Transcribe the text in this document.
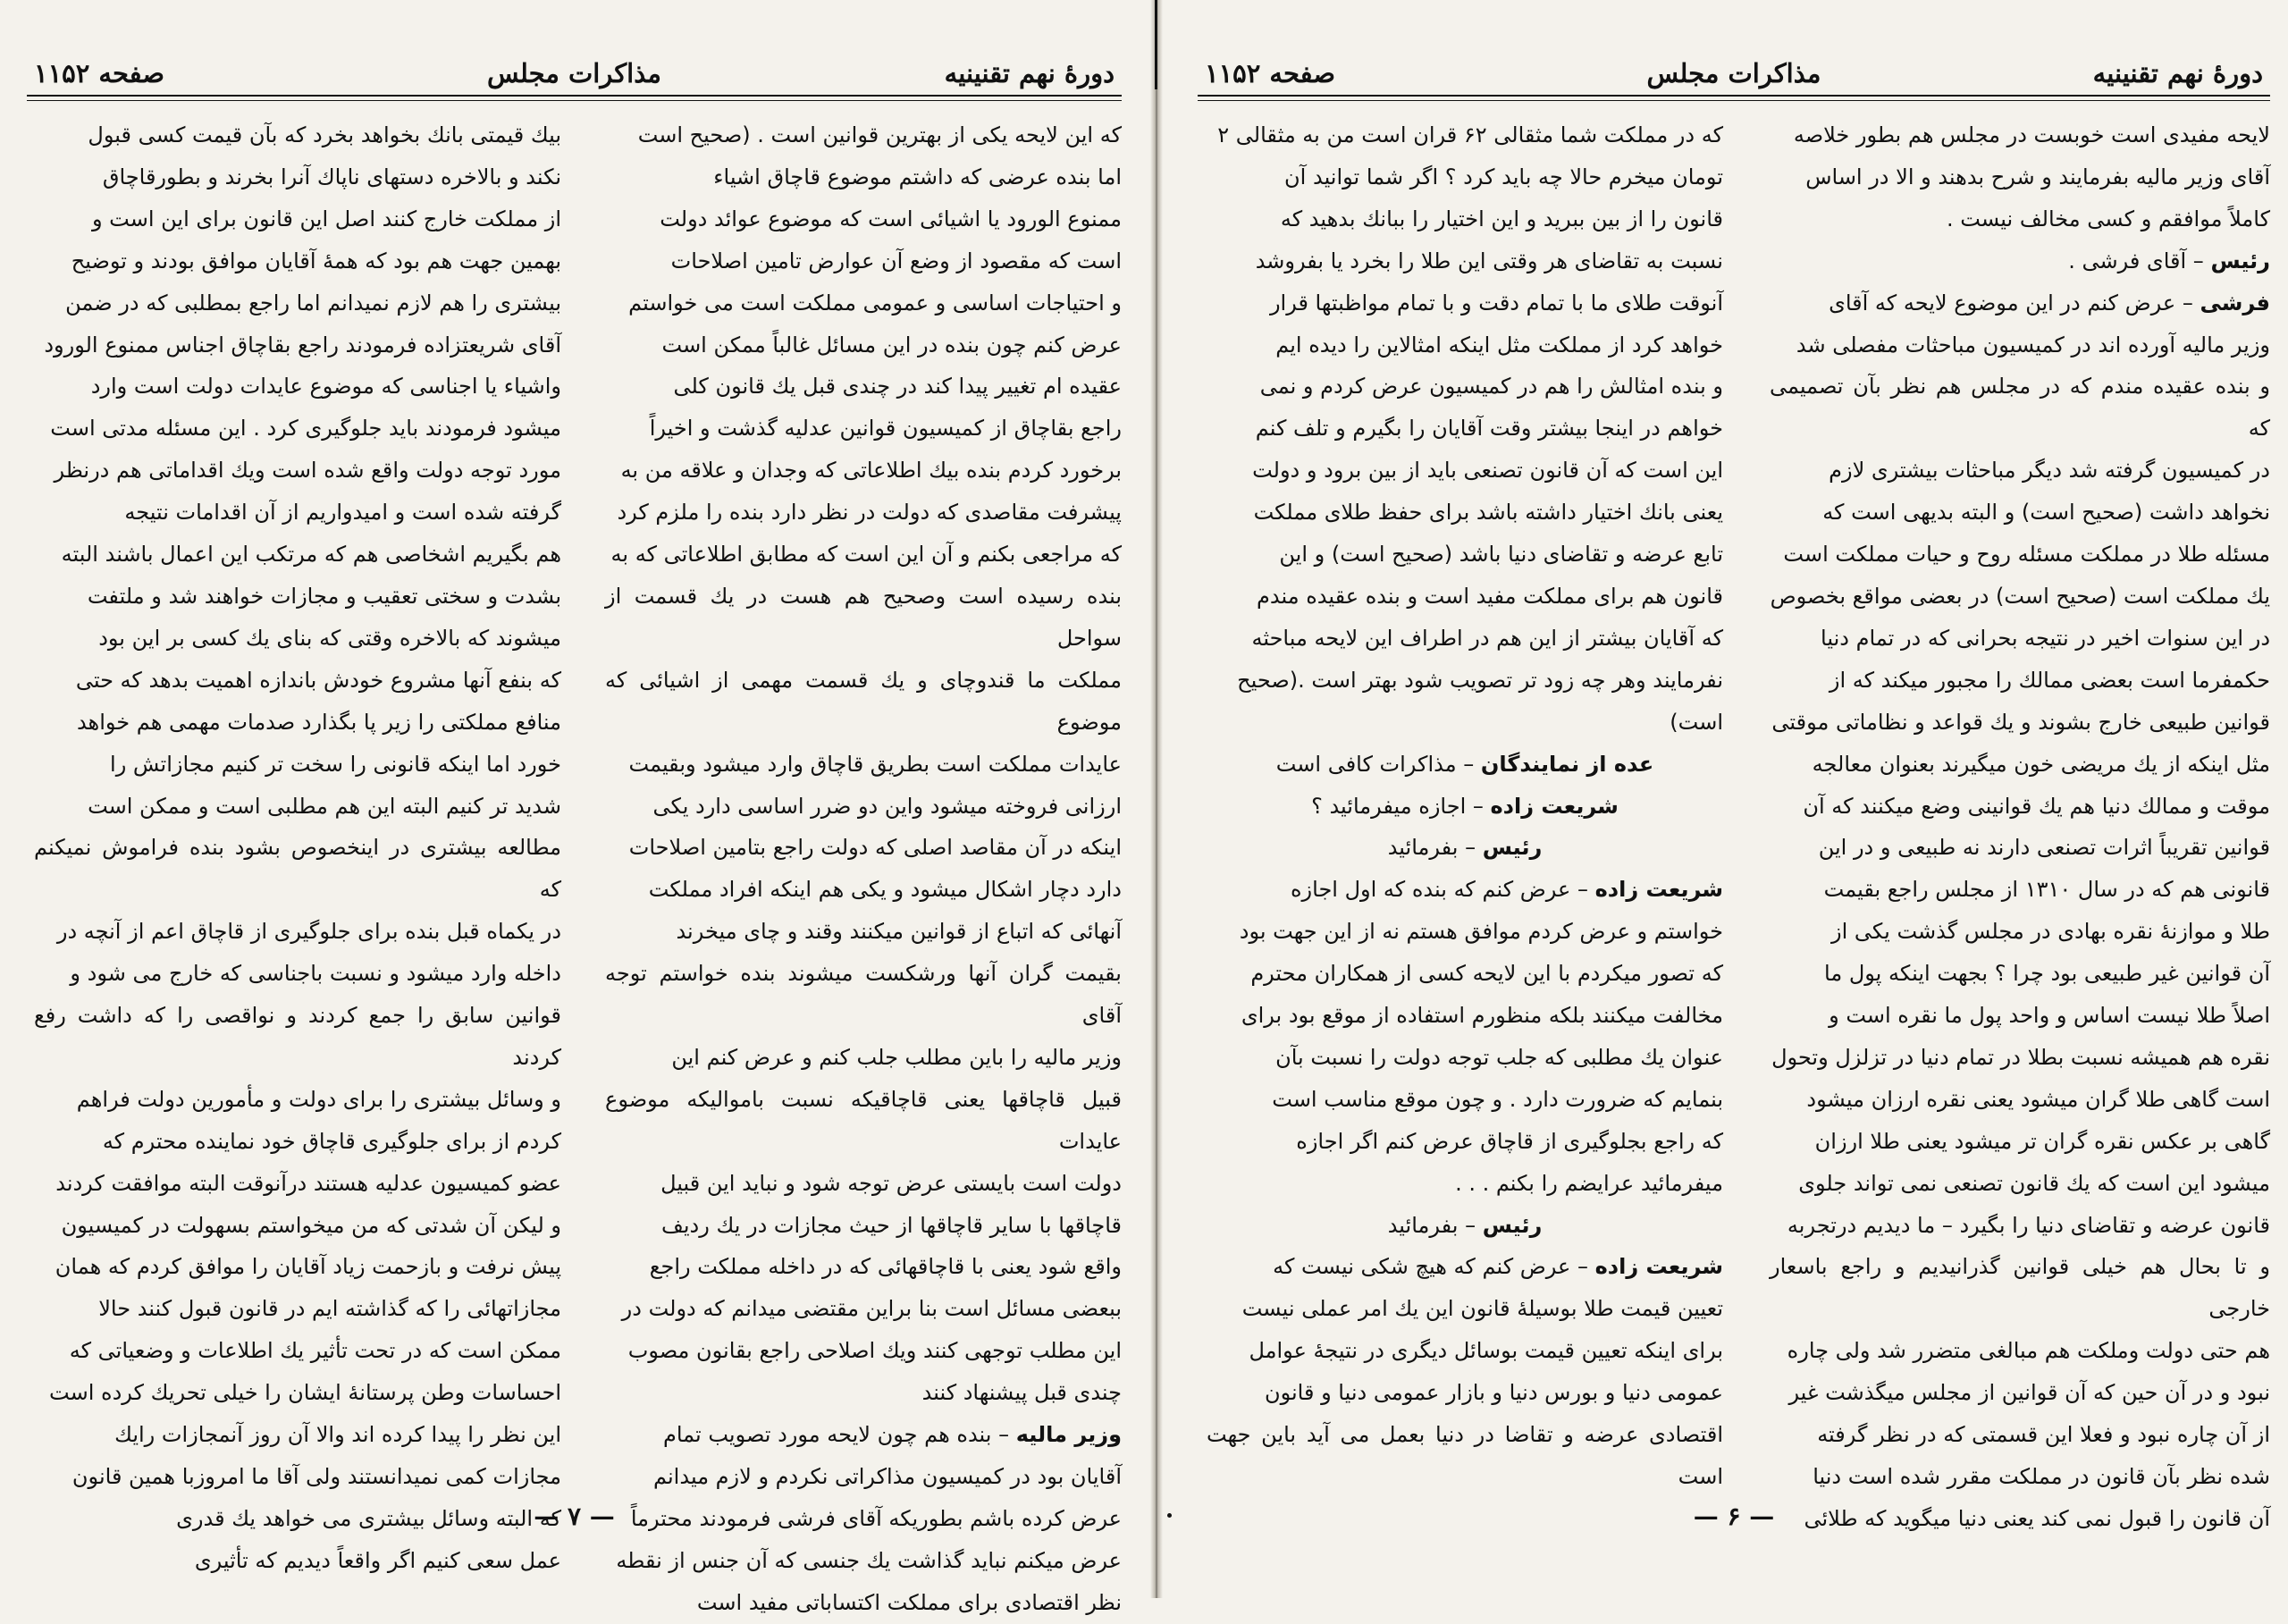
دورهٔ نهم تقنینیه
مذاکرات مجلس
صفحه ۱۱۵۲

که این لایحه یکی از بهترین قوانین است . (صحیح است

اما بنده عرضی که داشتم موضوع قاچاق اشیاء

ممنوع الورود یا اشیائی است که موضوع عوائد دولت

است که مقصود از وضع آن عوارض تامین اصلاحات

و احتیاجات اساسی و عمومی مملکت است می خواستم

عرض کنم چون بنده در این مسائل غالباً ممکن است

عقیده ام تغییر پیدا کند در چندی قبل یك قانون کلی

راجع بقاچاق از کمیسیون قوانین عدلیه گذشت و اخیراً

برخورد کردم بنده بیك اطلاعاتی که وجدان و علاقه من به

پیشرفت مقاصدی که دولت در نظر دارد بنده را ملزم کرد

که مراجعی بکنم و آن این است که مطابق اطلاعاتی که به

بنده رسیده است وصحیح هم هست در یك قسمت از سواحل

مملکت ما قندوچای و یك قسمت مهمی از اشیائی که موضوع

عایدات مملکت است بطریق قاچاق وارد میشود وبقیمت

ارزانی فروخته میشود واین دو ضرر اساسی دارد یکی

اینکه در آن مقاصد اصلی که دولت راجع بتامین اصلاحات

دارد دچار اشکال میشود و یکی هم اینکه افراد مملکت

آنهائی که اتباع از قوانین میکنند وقند و چای میخرند

بقیمت گران آنها ورشکست میشوند بنده خواستم توجه آقای

وزیر مالیه را باین مطلب جلب کنم و عرض کنم این

قبیل قاچاقها یعنی قاچاقیکه نسبت باموالیکه موضوع عایدات

دولت است بایستی عرض توجه شود و نباید این قبیل

قاچاقها با سایر قاچاقها از حیث مجازات در یك ردیف

واقع شود یعنی با قاچاقهائی که در داخله مملکت راجع

ببعضی مسائل است بنا براین مقتضی میدانم که دولت در

این مطلب توجهی کنند ویك اصلاحی راجع بقانون مصوب

چندی قبل پیشنهاد کنند

وزیر مالیه – بنده هم چون لایحه مورد تصویب تمام

آقایان بود در کمیسیون مذاکراتی نکردم و لازم میدانم

عرض کرده باشم بطوریکه آقای فرشی فرمودند محترماً

عرض میکنم نباید گذاشت یك جنسی که آن جنس از نقطه

نظر اقتصادی برای مملکت اکتساباتی مفید است

بیك قیمتی بانك بخواهد بخرد که بآن قیمت کسی قبول

نکند و بالاخره دستهای ناپاك آنرا بخرند و بطورقاچاق

از مملکت خارج کنند اصل این قانون برای این است و

بهمین جهت هم بود که همهٔ آقایان موافق بودند و توضیح

بیشتری را هم لازم نمیدانم اما راجع بمطلبی که در ضمن

آقای شریعتزاده فرمودند راجع بقاچاق اجناس ممنوع الورود

واشیاء یا اجناسی که موضوع عایدات دولت است وارد

میشود فرمودند باید جلوگیری کرد . این مسئله مدتی است

مورد توجه دولت واقع شده است ویك اقداماتی هم درنظر

گرفته شده است و امیدواریم از آن اقدامات نتیجه

هم بگیریم اشخاصی هم که مرتکب این اعمال باشند البته

بشدت و سختی تعقیب و مجازات خواهند شد و ملتفت

میشوند که بالاخره وقتی که بنای یك کسی بر این بود

که بنفع آنها مشروع خودش باندازه اهمیت بدهد که حتی

منافع مملکتی را زیر پا بگذارد صدمات مهمی هم خواهد

خورد اما اینکه قانونی را سخت تر کنیم مجازاتش را

شدید تر کنیم البته این هم مطلبی است و ممکن است

مطالعه بیشتری در اینخصوص بشود بنده فراموش نمیکنم که

در یکماه قبل بنده برای جلوگیری از قاچاق اعم از آنچه در

داخله وارد میشود و نسبت باجناسی که خارج می شود و

قوانین سابق را جمع کردند و نواقصی را که داشت رفع کردند

و وسائل بیشتری را برای دولت و مأمورین دولت فراهم

کردم از برای جلوگیری قاچاق خود نماینده محترم که

عضو کمیسیون عدلیه هستند درآنوقت البته موافقت کردند

و لیکن آن شدتی که من میخواستم بسهولت در کمیسیون

پیش نرفت و بازحمت زیاد آقایان را موافق کردم که همان

مجازاتهائی را که گذاشته ایم در قانون قبول کنند حالا

ممکن است که در تحت تأثیر یك اطلاعات و وضعیاتی که

احساسات وطن پرستانهٔ ایشان را خیلی تحریك کرده است

این نظر را پیدا کرده اند والا آن روز آنمجازات رایك

مجازات کمی نمیدانستند ولی آقا ما امروزبا همین قانون

که البته وسائل بیشتری می خواهد یك قدری

عمل سعی کنیم اگر واقعاً دیدیم که تأثیری

— ۷ —
دورهٔ نهم تقنینیه
مذاکرات مجلس
صفحه ۱۱۵۲

لایحه مفیدی است خوبست در مجلس هم بطور خلاصه

آقای وزیر مالیه بفرمایند و شرح بدهند و الا در اساس

کاملاً موافقم و کسی مخالف نیست .

رئیس – آقای فرشی .

فرشی – عرض کنم در این موضوع لایحه که آقای

وزیر مالیه آورده اند در کمیسیون مباحثات مفصلی شد

و بنده عقیده مندم که در مجلس هم نظر بآن تصمیمی که

در کمیسیون گرفته شد دیگر مباحثات بیشتری لازم

نخواهد داشت (صحیح است) و البته بدیهی است که

مسئله طلا در مملکت مسئله روح و حیات مملکت است

یك مملکت است (صحیح است) در بعضی مواقع بخصوص

در این سنوات اخیر در نتیجه بحرانی که در تمام دنیا

حکمفرما است بعضی ممالك را مجبور میکند که از

قوانین طبیعی خارج بشوند و یك قواعد و نظاماتی موقتی

مثل اینکه از یك مریضی خون میگیرند بعنوان معالجه

موقت و ممالك دنیا هم یك قوانینی وضع میکنند که آن

قوانین تقریباً اثرات تصنعی دارند نه طبیعی و در این

قانونی هم که در سال ۱۳۱۰ از مجلس راجع بقیمت

طلا و موازنهٔ نقره بهادی در مجلس گذشت یکی از

آن قوانین غیر طبیعی بود چرا ؟ بجهت اینکه پول ما

اصلاً طلا نیست اساس و واحد پول ما نقره است و

نقره هم همیشه نسبت بطلا در تمام دنیا در تزلزل وتحول

است گاهی طلا گران میشود یعنی نقره ارزان میشود

گاهی بر عکس نقره گران تر میشود یعنی طلا ارزان

میشود این است که یك قانون تصنعی نمی تواند جلوی

قانون عرضه و تقاضای دنیا را بگیرد – ما دیدیم درتجربه

و تا بحال هم خیلی قوانین گذرانیدیم و راجع باسعار خارجی

هم حتی دولت وملکت هم مبالغی متضرر شد ولی چاره

نبود و در آن حین که آن قوانین از مجلس میگذشت غیر

از آن چاره نبود و فعلا این قسمتی که در نظر گرفته

شده نظر بآن قانون در مملکت مقرر شده است دنیا

آن قانون را قبول نمی کند یعنی دنیا میگوید که طلائی

که در مملکت شما مثقالی ۶۲ قران است من به مثقالی ۲

تومان میخرم حالا چه باید کرد ؟ اگر شما توانید آن

قانون را از بین ببرید و این اختیار را ببانك بدهید که

نسبت به تقاضای هر وقتی این طلا را بخرد یا بفروشد

آنوقت طلای ما با تمام دقت و با تمام مواظبتها قرار

خواهد کرد از مملکت مثل اینکه امثالاین را دیده ایم

و بنده امثالش را هم در کمیسیون عرض کردم و نمی

خواهم در اینجا بیشتر وقت آقایان را بگیرم و تلف کنم

این است که آن قانون تصنعی باید از بین برود و دولت

یعنی بانك اختیار داشته باشد برای حفظ طلای مملکت

تابع عرضه و تقاضای دنیا باشد (صحیح است) و این

قانون هم برای مملکت مفید است و بنده عقیده مندم

که آقایان بیشتر از این هم در اطراف این لایحه مباحثه

نفرمایند وهر چه زود تر تصویب شود بهتر است .(صحیح

است)

عده از نمایندگان – مذاکرات کافی است

شریعت زاده – اجازه میفرمائید ؟

رئیس – بفرمائید

شریعت زاده – عرض کنم که بنده که اول اجازه

خواستم و عرض کردم موافق هستم نه از این جهت بود

که تصور میکردم با این لایحه کسی از همکاران محترم

مخالفت میکنند بلکه منظورم استفاده از موقع بود برای

عنوان یك مطلبی که جلب توجه دولت را نسبت بآن

بنمایم که ضرورت دارد . و چون موقع مناسب است

که راجع بجلوگیری از قاچاق عرض کنم اگر اجازه

میفرمائید عرایضم را بکنم . . .

رئیس – بفرمائید

شریعت زاده – عرض کنم که هیچ شکی نیست که

تعیین قیمت طلا بوسیلهٔ قانون این یك امر عملی نیست

برای اینکه تعیین قیمت بوسائل دیگری در نتیجهٔ عوامل

عمومی دنیا و بورس دنیا و بازار عمومی دنیا و قانون

اقتصادی عرضه و تقاضا در دنیا بعمل می آید باین جهت است

— ۶ —
